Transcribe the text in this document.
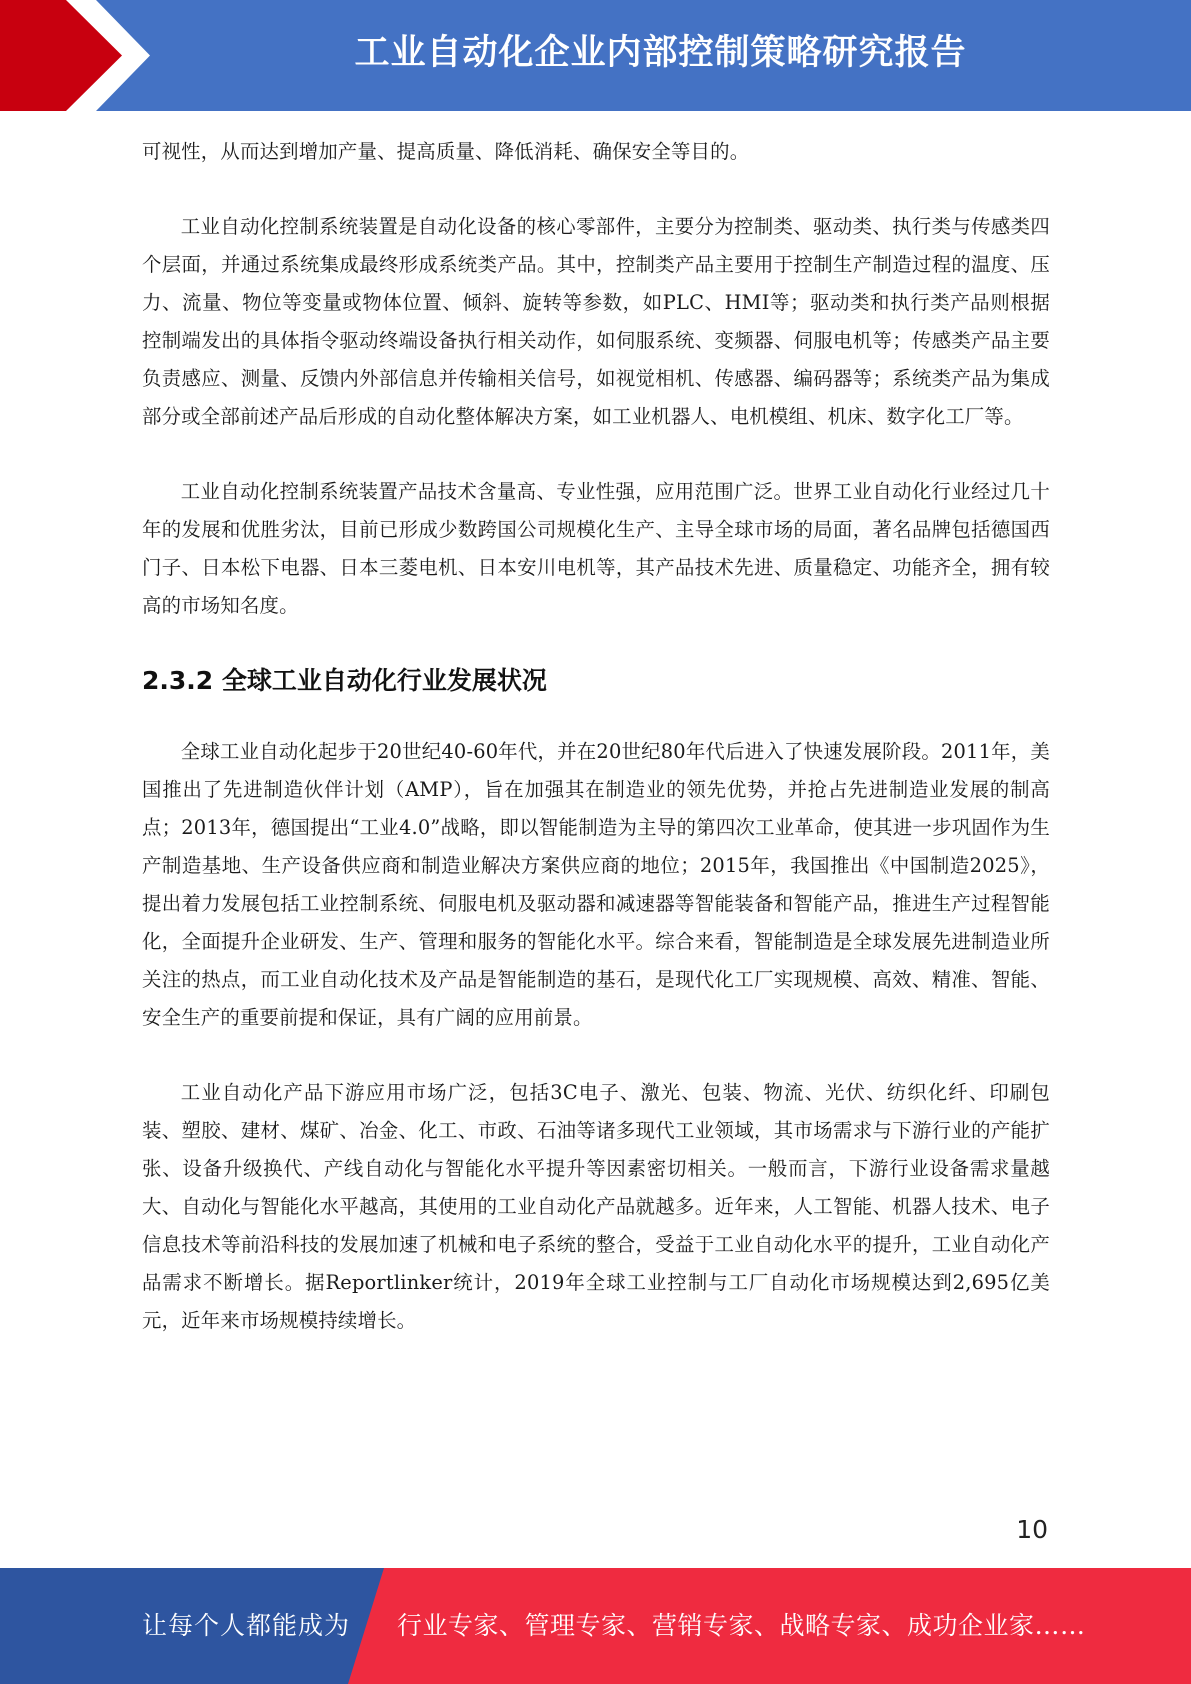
工业自动化企业内部控制策略研究报告

可视性，从而达到增加产量、提高质量、降低消耗、确保安全等目的。

工业自动化控制系统装置是自动化设备的核心零部件，主要分为控制类、驱动类、执行类与传感类四个层面，并通过系统集成最终形成系统类产品。其中，控制类产品主要用于控制生产制造过程的温度、压力、流量、物位等变量或物体位置、倾斜、旋转等参数，如PLC、HMI等；驱动类和执行类产品则根据控制端发出的具体指令驱动终端设备执行相关动作，如伺服系统、变频器、伺服电机等；传感类产品主要负责感应、测量、反馈内外部信息并传输相关信号，如视觉相机、传感器、编码器等；系统类产品为集成部分或全部前述产品后形成的自动化整体解决方案，如工业机器人、电机模组、机床、数字化工厂等。

工业自动化控制系统装置产品技术含量高、专业性强，应用范围广泛。世界工业自动化行业经过几十年的发展和优胜劣汰，目前已形成少数跨国公司规模化生产、主导全球市场的局面，著名品牌包括德国西门子、日本松下电器、日本三菱电机、日本安川电机等，其产品技术先进、质量稳定、功能齐全，拥有较高的市场知名度。

2.3.2 全球工业自动化行业发展状况

全球工业自动化起步于20世纪40-60年代，并在20世纪80年代后进入了快速发展阶段。2011年，美国推出了先进制造伙伴计划（AMP），旨在加强其在制造业的领先优势，并抢占先进制造业发展的制高点；2013年，德国提出“工业4.0”战略，即以智能制造为主导的第四次工业革命，使其进一步巩固作为生产制造基地、生产设备供应商和制造业解决方案供应商的地位；2015年，我国推出《中国制造2025》，提出着力发展包括工业控制系统、伺服电机及驱动器和减速器等智能装备和智能产品，推进生产过程智能化，全面提升企业研发、生产、管理和服务的智能化水平。综合来看，智能制造是全球发展先进制造业所关注的热点，而工业自动化技术及产品是智能制造的基石，是现代化工厂实现规模、高效、精准、智能、安全生产的重要前提和保证，具有广阔的应用前景。

工业自动化产品下游应用市场广泛，包括3C电子、激光、包装、物流、光伏、纺织化纤、印刷包装、塑胶、建材、煤矿、冶金、化工、市政、石油等诸多现代工业领域，其市场需求与下游行业的产能扩张、设备升级换代、产线自动化与智能化水平提升等因素密切相关。一般而言，下游行业设备需求量越大、自动化与智能化水平越高，其使用的工业自动化产品就越多。近年来，人工智能、机器人技术、电子信息技术等前沿科技的发展加速了机械和电子系统的整合，受益于工业自动化水平的提升，工业自动化产品需求不断增长。据Reportlinker统计，2019年全球工业控制与工厂自动化市场规模达到2,695亿美元，近年来市场规模持续增长。

10
让每个人都能成为 行业专家、管理专家、营销专家、战略专家、成功企业家……
